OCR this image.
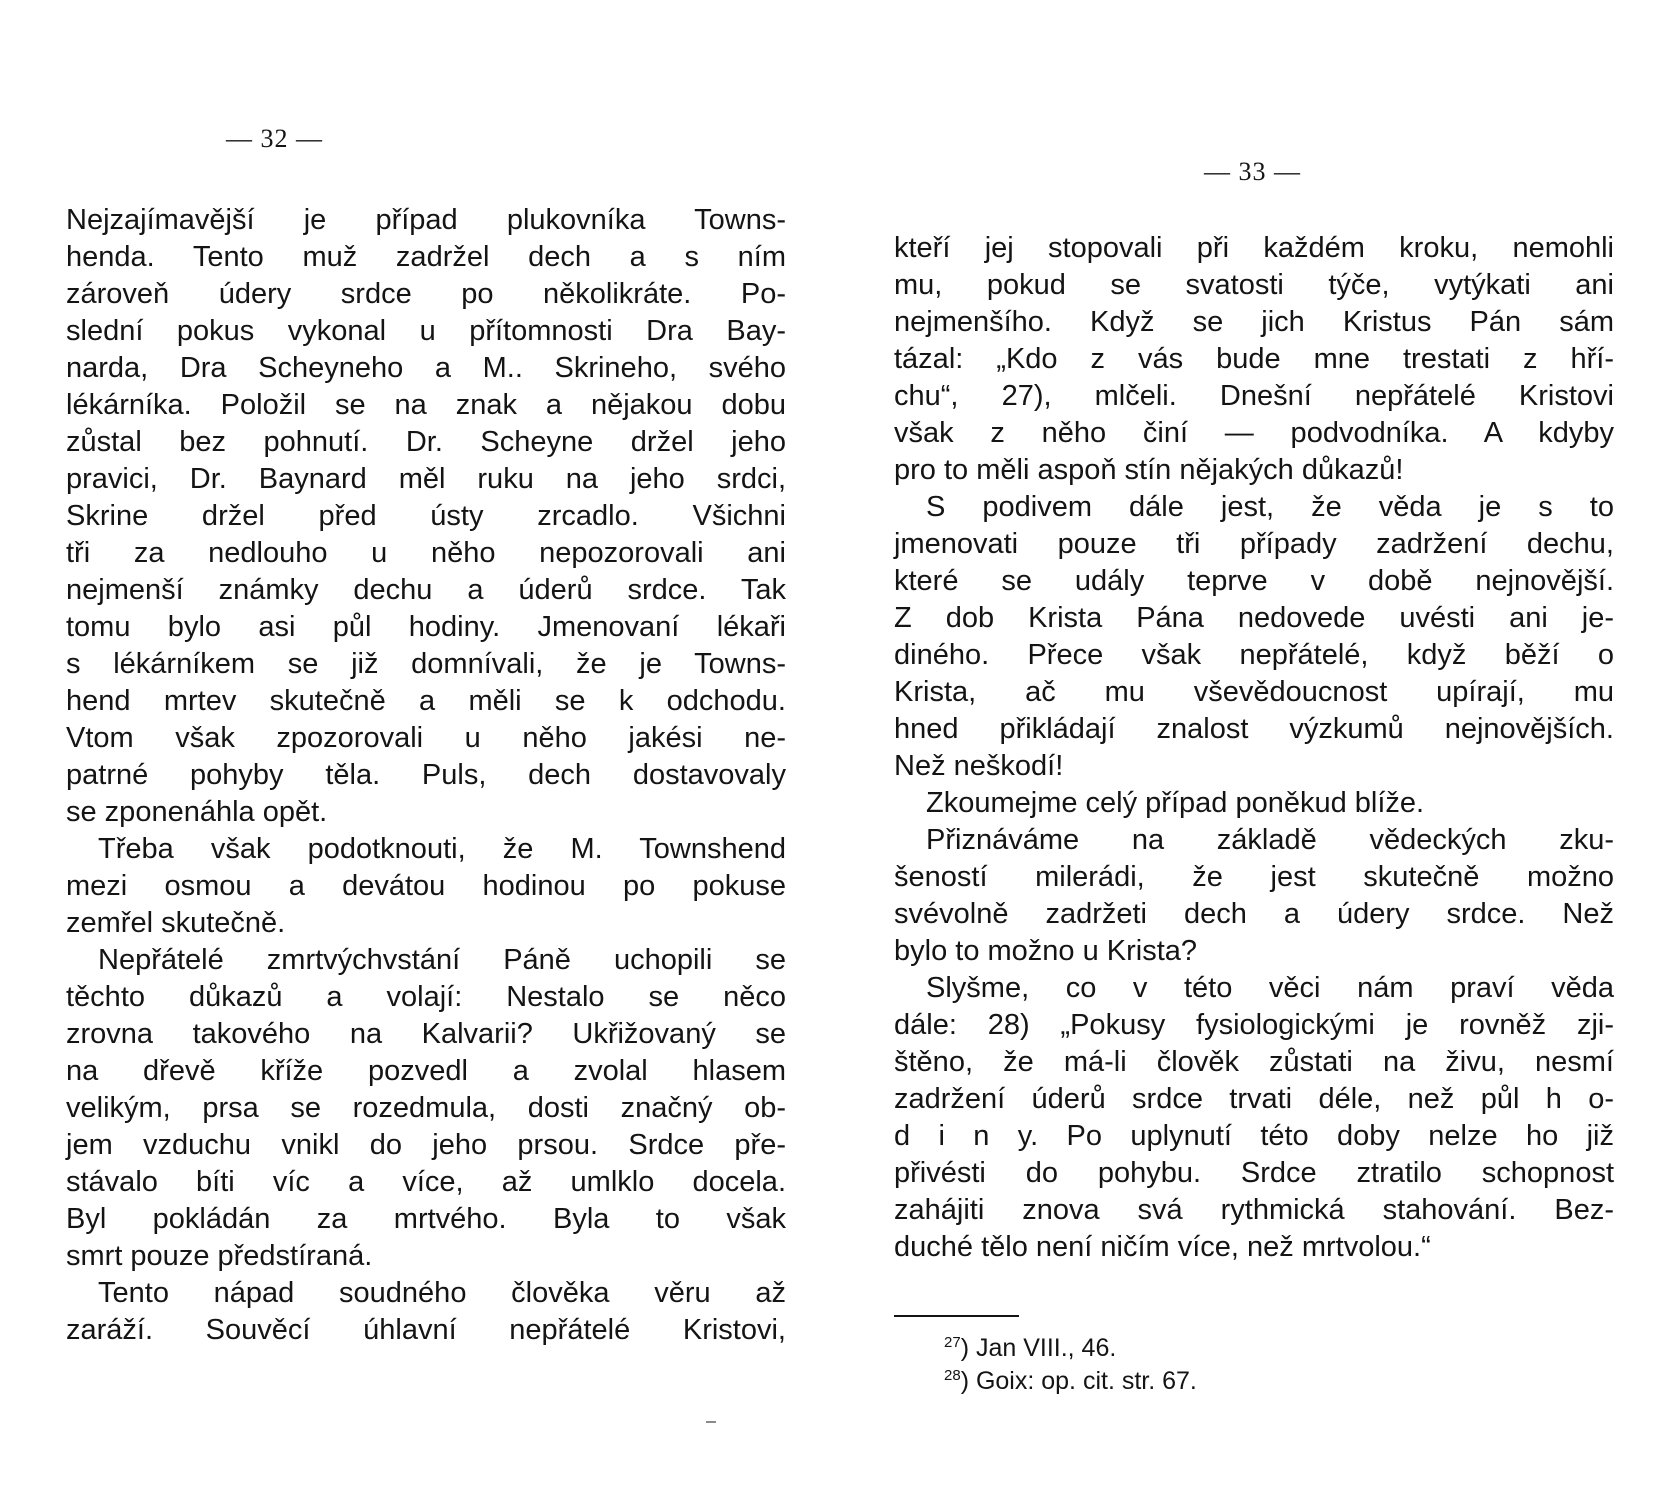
— 32 —
Nejzajímavější je případ plukovníka Towns-
henda. Tento muž zadržel dech a s ním
zároveň údery srdce po několikráte. Po-
slední pokus vykonal u přítomnosti Dra Bay-
narda, Dra Scheyneho a M.. Skrineho, svého
lékárníka. Položil se na znak a nějakou dobu
zůstal bez pohnutí. Dr. Scheyne držel jeho
pravici, Dr. Baynard měl ruku na jeho srdci,
Skrine držel před ústy zrcadlo. Všichni
tři za nedlouho u něho nepozorovali ani
nejmenší známky dechu a úderů srdce. Tak
tomu bylo asi půl hodiny. Jmenovaní lékaři
s lékárníkem se již domnívali, že je Towns-
hend mrtev skutečně a měli se k odchodu.
Vtom však zpozorovali u něho jakési ne-
patrné pohyby těla. Puls, dech dostavovaly
se zponenáhla opět.
Třeba však podotknouti, že M. Townshend
mezi osmou a devátou hodinou po pokuse
zemřel skutečně.
Nepřátelé zmrtvýchvstání Páně uchopili se
těchto důkazů a volají: Nestalo se něco
zrovna takového na Kalvarii? Ukřižovaný se
na dřevě kříže pozvedl a zvolal hlasem
velikým, prsa se rozedmula, dosti značný ob-
jem vzduchu vnikl do jeho prsou. Srdce pře-
stávalo bíti víc a více, až umlklo docela.
Byl pokládán za mrtvého. Byla to však
smrt pouze předstíraná.
Tento nápad soudného člověka věru až
zaráží. Souvěcí úhlavní nepřátelé Kristovi,
— 33 —
kteří jej stopovali při každém kroku, nemohli
mu, pokud se svatosti týče, vytýkati ani
nejmenšího. Když se jich Kristus Pán sám
tázal: „Kdo z vás bude mne trestati z hří-
chu“, 27), mlčeli. Dnešní nepřátelé Kristovi
však z něho činí — podvodníka. A kdyby
pro to měli aspoň stín nějakých důkazů!
S podivem dále jest, že věda je s to
jmenovati pouze tři případy zadržení dechu,
které se udály teprve v době nejnovější.
Z dob Krista Pána nedovede uvésti ani je-
diného. Přece však nepřátelé, když běží o
Krista, ač mu vševědoucnost upírají, mu
hned přikládají znalost výzkumů nejnovějších.
Než neškodí!
Zkoumejme celý případ poněkud blíže.
Přiznáváme na základě vědeckých zku-
šeností milerádi, že jest skutečně možno
svévolně zadržeti dech a údery srdce. Než
bylo to možno u Krista?
Slyšme, co v této věci nám praví věda
dále: 28) „Pokusy fysiologickými je rovněž zji-
štěno, že má-li člověk zůstati na živu, nesmí
zadržení úderů srdce trvati déle, než půl h o-
d i n y. Po uplynutí této doby nelze ho již
přivésti do pohybu. Srdce ztratilo schopnost
zahájiti znova svá rythmická stahování. Bez-
duché tělo není ničím více, než mrtvolou.“
$^{27}$) Jan VIII., 46.
$^{28}$) Goix: op. cit. str. 67.
